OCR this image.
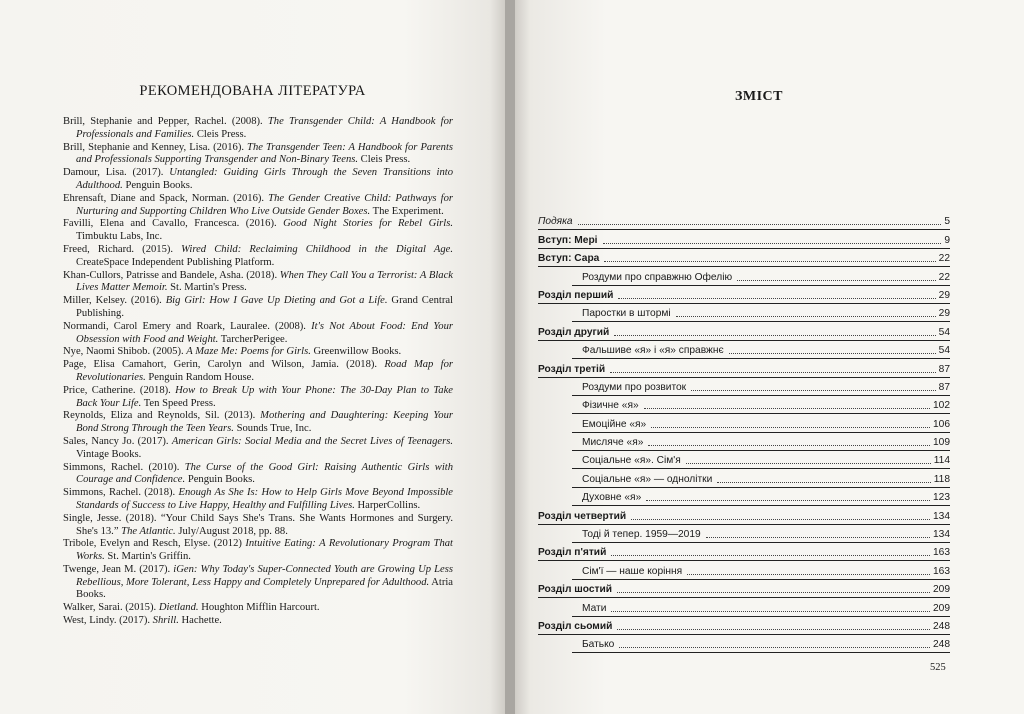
РЕКОМЕНДОВАНА ЛІТЕРАТУРА
Brill, Stephanie and Pepper, Rachel. (2008). The Transgender Child: A Handbook for Professionals and Families. Cleis Press.
Brill, Stephanie and Kenney, Lisa. (2016). The Transgender Teen: A Handbook for Parents and Professionals Supporting Transgender and Non-Binary Teens. Cleis Press.
Damour, Lisa. (2017). Untangled: Guiding Girls Through the Seven Transitions into Adulthood. Penguin Books.
Ehrensaft, Diane and Spack, Norman. (2016). The Gender Creative Child: Pathways for Nurturing and Supporting Children Who Live Outside Gender Boxes. The Experiment.
Favilli, Elena and Cavallo, Francesca. (2016). Good Night Stories for Rebel Girls. Timbuktu Labs, Inc.
Freed, Richard. (2015). Wired Child: Reclaiming Childhood in the Digital Age. CreateSpace Independent Publishing Platform.
Khan-Cullors, Patrisse and Bandele, Asha. (2018). When They Call You a Terrorist: A Black Lives Matter Memoir. St. Martin's Press.
Miller, Kelsey. (2016). Big Girl: How I Gave Up Dieting and Got a Life. Grand Central Publishing.
Normandi, Carol Emery and Roark, Lauralee. (2008). It's Not About Food: End Your Obsession with Food and Weight. TarcherPerigee.
Nye, Naomi Shibob. (2005). A Maze Me: Poems for Girls. Greenwillow Books.
Page, Elisa Camahort, Gerin, Carolyn and Wilson, Jamia. (2018). Road Map for Revolutionaries. Penguin Random House.
Price, Catherine. (2018). How to Break Up with Your Phone: The 30-Day Plan to Take Back Your Life. Ten Speed Press.
Reynolds, Eliza and Reynolds, Sil. (2013). Mothering and Daughtering: Keeping Your Bond Strong Through the Teen Years. Sounds True, Inc.
Sales, Nancy Jo. (2017). American Girls: Social Media and the Secret Lives of Teenagers. Vintage Books.
Simmons, Rachel. (2010). The Curse of the Good Girl: Raising Authentic Girls with Courage and Confidence. Penguin Books.
Simmons, Rachel. (2018). Enough As She Is: How to Help Girls Move Beyond Impossible Standards of Success to Live Happy, Healthy and Fulfilling Lives. HarperCollins.
Single, Jesse. (2018). “Your Child Says She's Trans. She Wants Hormones and Surgery. She's 13.” The Atlantic. July/August 2018, pp. 88.
Tribole, Evelyn and Resch, Elyse. (2012) Intuitive Eating: A Revolutionary Program That Works. St. Martin's Griffin.
Twenge, Jean M. (2017). iGen: Why Today's Super-Connected Youth are Growing Up Less Rebellious, More Tolerant, Less Happy and Completely Unprepared for Adulthood. Atria Books.
Walker, Sarai. (2015). Dietland. Houghton Mifflin Harcourt.
West, Lindy. (2017). Shrill. Hachette.
ЗМІСТ
Подяка	5
Вступ: Мері	9
Вступ: Сара	22
Роздуми про справжню Офелію	22
Розділ перший	29
Паростки в штормі	29
Розділ другий	54
Фальшиве «я» і «я» справжнє	54
Розділ третій	87
Роздуми про розвиток	87
Фізичне «я»	102
Емоційне «я»	106
Мисляче «я»	109
Соціальне «я». Сім'я	114
Соціальне «я» — однолітки	118
Духовне «я»	123
Розділ четвертий	134
Тоді й тепер. 1959—2019	134
Розділ п'ятий	163
Сім'ї — наше коріння	163
Розділ шостий	209
Мати	209
Розділ сьомий	248
Батько	248
525
